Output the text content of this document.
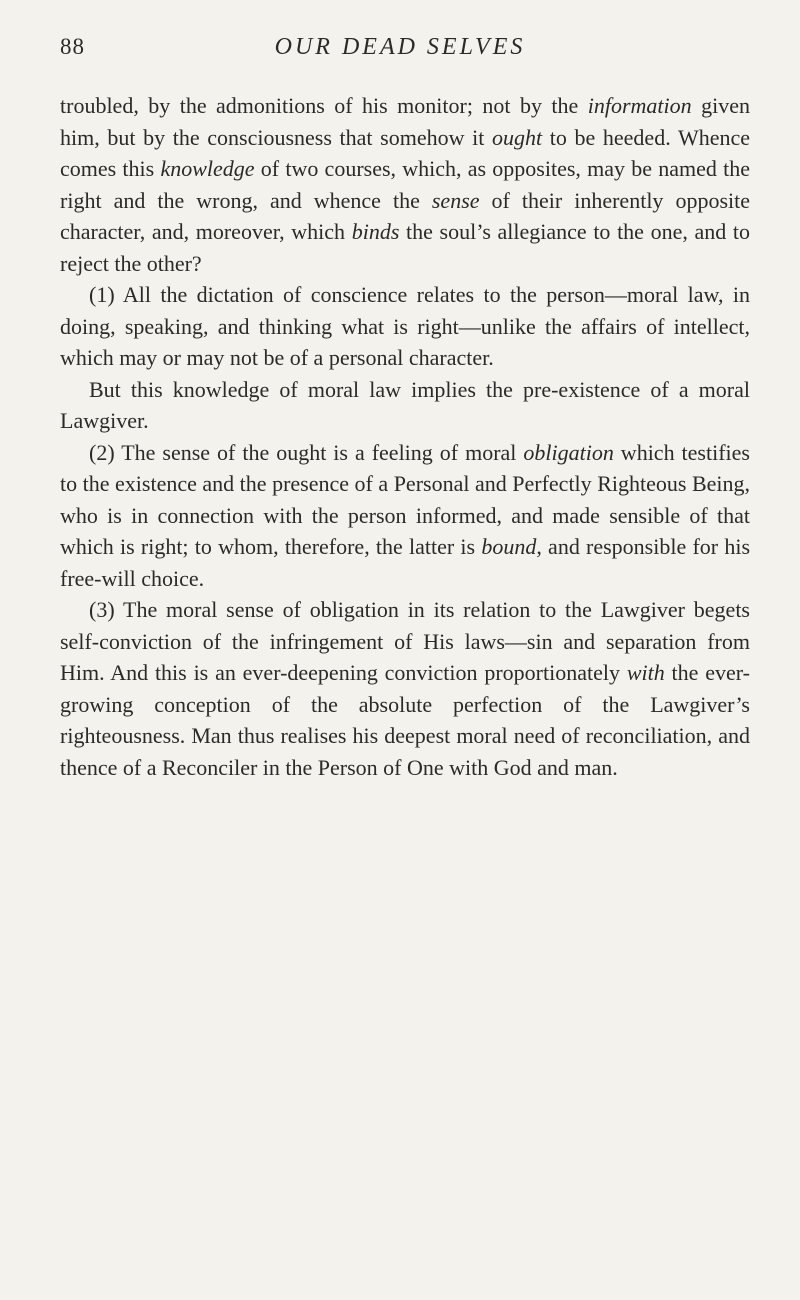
88	OUR DEAD SELVES

troubled, by the admonitions of his monitor; not by the information given him, but by the consciousness that somehow it ought to be heeded. Whence comes this knowledge of two courses, which, as opposites, may be named the right and the wrong, and whence the sense of their inherently opposite character, and, moreover, which binds the soul’s allegiance to the one, and to reject the other?

(1) All the dictation of conscience relates to the person—moral law, in doing, speaking, and thinking what is right—unlike the affairs of intellect, which may or may not be of a personal character.

But this knowledge of moral law implies the pre-existence of a moral Lawgiver.

(2) The sense of the ought is a feeling of moral obligation which testifies to the existence and the presence of a Personal and Perfectly Righteous Being, who is in connection with the person informed, and made sensible of that which is right; to whom, therefore, the latter is bound, and responsible for his free-will choice.

(3) The moral sense of obligation in its relation to the Lawgiver begets self-conviction of the infringement of His laws—sin and separation from Him. And this is an ever-deepening conviction proportionately with the ever-growing conception of the absolute perfection of the Lawgiver’s righteousness. Man thus realises his deepest moral need of reconciliation, and thence of a Reconciler in the Person of One with God and man.
